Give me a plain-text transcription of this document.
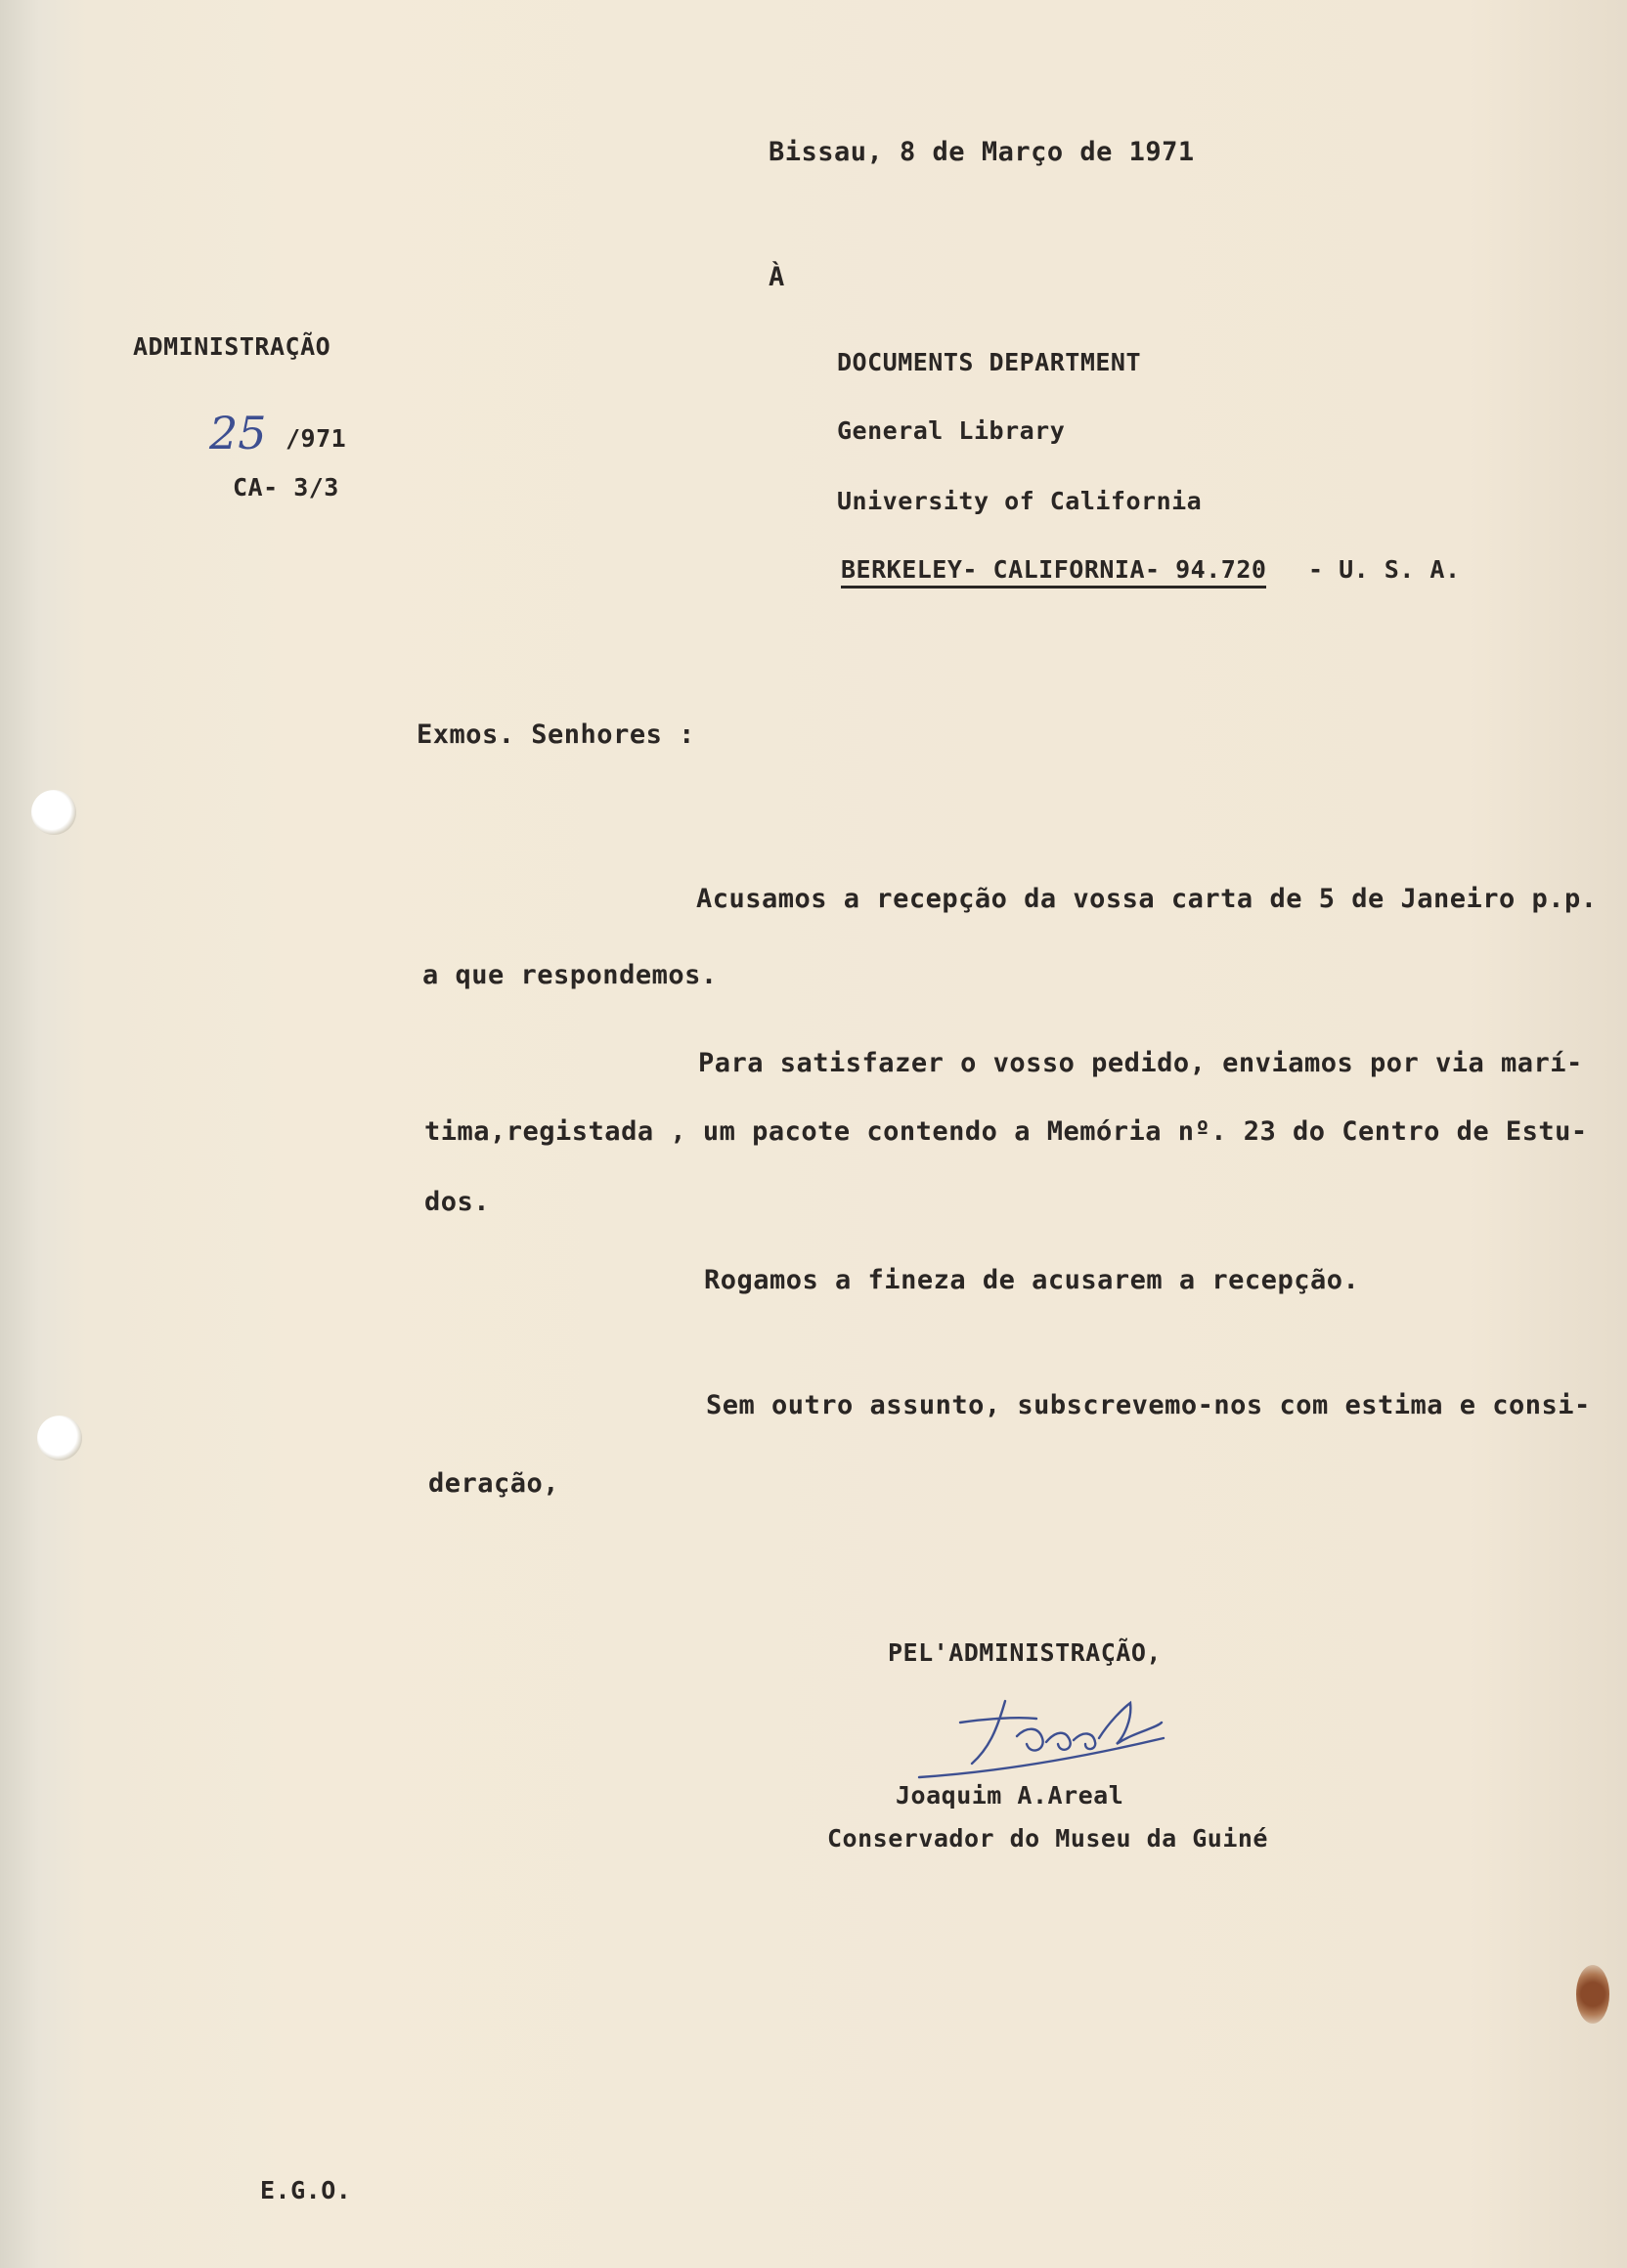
Bissau, 8 de Março de 1971
À
ADMINISTRAÇÃO
25 /971
CA- 3/3
DOCUMENTS DEPARTMENT
General Library
University of California
BERKELEY- CALIFORNIA- 94.720 - U. S. A.
Exmos. Senhores :
Acusamos a recepção da vossa carta de 5 de Janeiro p.p.
a que respondemos.
Para satisfazer o vosso pedido, enviamos por via marí-
tima,registada , um pacote contendo a Memória nº. 23 do Centro de Estu-
dos.
Rogamos a fineza de acusarem a recepção.
Sem outro assunto, subscrevemo-nos com estima e consi-
deração,
PEL'ADMINISTRAÇÃO,
Joaquim A.Areal
Conservador do Museu da Guiné
E.G.O.
